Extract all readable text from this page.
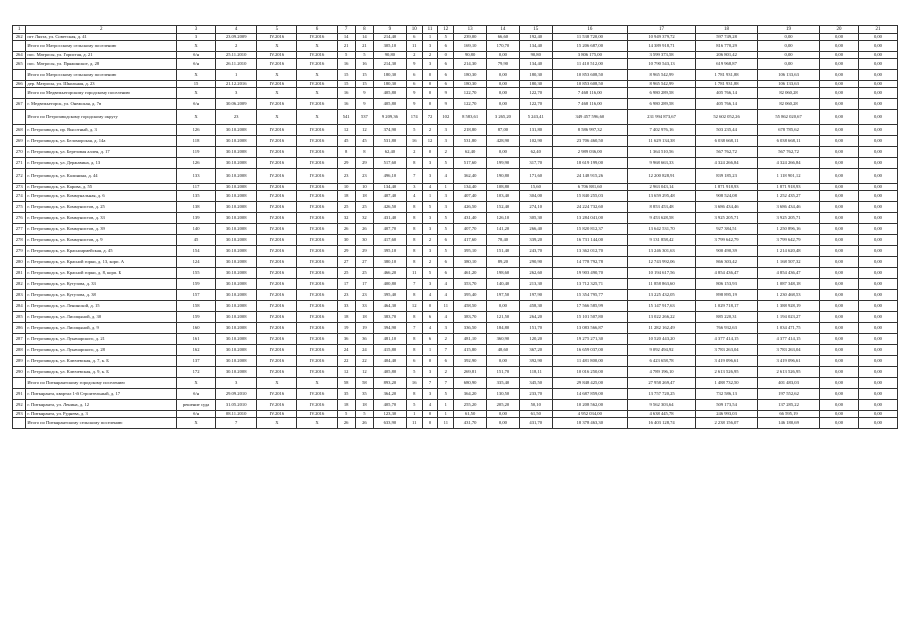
1	2	3	4	5	6	7	8	9	10	11	12	13	14	15	16	17	18	19	20	21
262	пгт Ляхта, ул. Советская, д. 41	3	23.09.2009	IV.2016	IV.2016	14	14	214,40	6	1	5	239,00	66,60	192,40	11 538 720,00	10 949 379,72	597 749,28	0,00	0,00	0,00
	Итого по Матросскому сельскому поселению	X	2	X	X	21	21	305,10	11	3	6	169,10	170,70	134,40	15 206 687,00	14 389 918,71	816 770,29	0,00	0,00	0,00
264	пос. Матросы, ул. Гористая, д. 21	б/н	25.11.2010	IV.2016	IV.2016	5	5	90,80	2	2	0	90,80	0,00	90,80	3 806 175,00	3 599 373,58	206 801,42	0,00	0,00	0,00
265	пос. Матросы, ул. Пряжинское, д. 28	б/н	26.11.2010	IV.2016	IV.2016	16	16	214,30	9	3	6	214,30	79,90	134,40	11 410 512,00	10 790 543,13	619 968,87	0,00	0,00	0,00
	Итого по Матросскому сельскому поселению	X	1	X	X	15	15	180,30	6	0	6	180,30	0,00	180,30	10 853 608,50	8 965 542,99	1 781 931,88	106 133,63	0,00	0,00
266	дер. Матросы, ул. Школьная, д. 23	15	21.12.2016	IV.2016	IV.2016	15	15	180,30	6	0	6	180,30	0,00	180,30	10 853 608,50	8 965 542,99	1 781 931,88	106 133,63	0,00	0,00
	Итого по Медвежьегорскому городскому поселению	X	3	X	X	16	9	405,80	9	0	9	122,70	0,00	122,70	7 468 116,00	6 980 289,58	405 766,14	82 060,28	0,00	0,00
267	г. Медвежьегорск, ул. Онежская, д. 7в	б/н	30.06.2009	IV.2016	IV.2016	16	9	405,80	9	0	9	122,70	0,00	122,70	7 468 116,00	6 980 289,58	405 766,14	82 060,28	0,00	0,00
	Итого по Петрозаводскому городскому округу	X	23	X	X	541	537	9 209,36	174	72	102	8 583,61	3 265,20	5 243,41	349 457 596,60	231 994 873,67	52 602 052,26	55 862 020,67	0,00	0,00
268	г. Петрозаводск, пр. Высотный, д. 3	126	30.10.2008	IV.2016	IV.2016	12	12	374,90	5	2	3	218,80	87,00	131,80	8 586 997,32	7 402 976,16	503 235,44	678 785,62	0,00	0,00
269	г. Петрозаводск, ул. Беломорская, д. 14а	118	30.10.2008	IV.2016	IV.2016	45	45	531,80	16	12	3	531,80	428,90	102,90	23 706 460,50	11 629 134,38	6 038 668,11	6 038 668,11	0,00	0,00
270	г. Петрозаводск, ул. Березовая аллея, д. 17	119	30.10.2008	IV.2016	IV.2016	8	8	62,40	2	0	2	62,40	0,00	62,40	2 989 036,00	1 364 510,56	567 762,72	567 762,72	0,00	0,00
271	г. Петрозаводск, ул. Державина, д. 13	126	30.10.2008	IV.2016	IV.2016	29	29	517,60	8	3	5	517,60	199,90	317,70	18 619 199,00	9 968 663,33	4 324 266,84	4 324 266,84	0,00	0,00
272	г. Петрозаводск, ул. Калинина, д. 44	133	30.10.2008	IV.2016	IV.2016	23	23	496,10	7	3	4	362,40	190,80	171,60	24 148 915,26	12 200 828,91	839 185,23	1 118 901,12	0,00	0,00
273	г. Петрозаводск, ул. Карова, д. 55	117	30.10.2008	IV.2016	IV.2016	10	10	134,40	3	4	1	134,40	108,80	15,60	6 706 881,60	2 963 043,14	1 871 918,93	1 871 918,93	0,00	0,00
274	г. Петрозаводск, ул. Коммунальная, д. 6	135	30.10.2008	IV.2016	IV.2016	18	18	407,40	4	1	3	407,40	103,40	304,00	15 840 255,03	13 659 295,48	908 524,08	1 252 435,27	0,00	0,00
275	г. Петрозаводск, ул. Коммунистов, д. 25	138	30.10.2008	IV.2016	IV.2016	25	25	426,50	8	5	3	426,50	152,40	274,10	24 224 732,60	8 853 453,48	3 686 434,46	3 686 434,46	0,00	0,00
276	г. Петрозаводск, ул. Коммунистов, д. 33	139	30.10.2008	IV.2016	IV.2016	32	32	431,40	8	3	5	431,40	126,10	305,30	13 284 041,00	9 453 628,58	3 925 205,71	3 925 205,71	0,00	0,00
277	г. Петрозаводск, ул. Коммунистов, д. 39	140	30.10.2008	IV.2016	IV.2016	26	26	407,70	8	3	5	407,70	141,20	266,40	15 820 812,37	13 642 531,70	927 384,51	1 250 896,16	0,00	0,00
278	г. Петрозаводск, ул. Коммунистов, д. 9	45	30.10.2008	IV.2016	IV.2016	30	30	417,60	8	2	6	417,60	78,40	339,20	16 731 144,00	9 131 858,42	3 799 642,79	3 799 642,79	0,00	0,00
279	г. Петрозаводск, ул. Красноармейская, д. 45	154	30.10.2008	IV.2016	IV.2016	29	29	395,10	8	3	5	395,10	151,40	243,70	13 362 012,70	13 246 301,63	900 490,39	1 214 620,48	0,00	0,00
280	г. Петрозаводск, ул. Красной горки, д. 13, корп. А	124	30.10.2008	IV.2016	IV.2016	27	27	380,10	8	2	6	380,10	89,20	290,90	14 778 792,78	12 743 992,06	866 303,42	1 168 507,32	0,00	0,00
281	г. Петрозаводск, ул. Красной горки, д. 8, корп. Б	155	30.10.2008	IV.2016	IV.2016	25	25	466,20	11	5	6	461,20	198,60	262,60	19 903 490,70	10 194 617,56	4 854 436,47	4 854 436,47	0,00	0,00
282	г. Петрозаводск, ул. Кутузова, д. 33	159	30.10.2008	IV.2016	IV.2016	17	17	400,80	7	3	4	353,70	140,40	213,30	13 712 325,71	11 858 863,60	806 153,93	1 087 348,18	0,00	0,00
283	г. Петрозаводск, ул. Кутузова, д. 38	157	30.10.2008	IV.2016	IV.2016	23	23	395,40	8	4	4	395,40	197,50	197,90	15 354 795,77	13 225 432,05	898 895,19	1 230 468,53	0,00	0,00
284	г. Петрозаводск, ул. Ленинской, д. 15	158	30.10.2008	IV.2016	IV.2016	33	33	464,30	12	0	11	458,50	0,00	458,30	17 566 585,99	15 147 917,63	1 029 718,17	1 388 928,19	0,00	0,00
285	г. Петрозаводск, ул. Лисицыной, д. 30	159	30.10.2008	IV.2016	IV.2016	18	18	383,70	8	6	4	383,70	121,50	264,20	15 101 507,80	13 022 266,22	885 220,31	1 194 023,27	0,00	0,00
286	г. Петрозаводск, ул. Лисицыной, д. 9	160	30.10.2008	IV.2016	IV.2016	19	19	394,90	7	4	3	336,50	184,80	151,70	13 083 566,87	11 282 162,49	766 932,63	1 034 471,75	0,00	0,00
287	г. Петрозаводск, ул. Луначарского, д. 21	161	30.10.2008	IV.2016	IV.2016	36	36	481,10	8	6	2	481,10	360,90	120,20	19 275 271,30	10 520 443,20	4 377 414,15	4 377 414,15	0,00	0,00
288	г. Петрозаводск, ул. Луначарского, д. 28	162	30.10.2008	IV.2016	IV.2016	24	24	415,80	8	1	7	415,80	48,60	367,20	16 659 037,00	9 092 494,92	3 783 263,04	3 783 263,04	0,00	0,00
289	г. Петрозаводск, ул. Ключевская, д. 7, к. Б	137	30.10.2008	IV.2016	IV.2016	22	22	404,40	6	0	6	392,90	0,00	392,90	11 481 800,00	6 423 658,78	3 419 096,61	3 419 096,61	0,00	0,00
290	г. Петрозаводск, ул. Ключевская, д. 9, к. Б	172	30.10.2008	IV.2016	IV.2016	12	12	405,80	5	3	2	269,81	151,70	118,11	10 016 250,00	4 789 196,10	2 613 526,95	2 613 526,95	0,00	0,00
	Итого по Питкярантскому городскому поселению	X	3	X	X	58	58	893,20	16	7	7	680,90	335,40	345,50	29 848 425,00	27 958 269,47	1 488 732,50	401 483,03	0,00	0,00
291	г. Питкяранта, квартал 1-й Строительный, д. 17	б/н	29.09.2010	IV.2016	IV.2016	35	35	364,20	8	3	5	364,20	130,50	233,70	14 687 859,00	13 757 720,25	732 586,13	197 552,62	0,00	0,00
292	г. Питкяранта, ул. Ленина, д. 12	решение суда	31.05.2010	IV.2016	IV.2016	18	18	405,70	5	4	1	255,20	205,20	50,10	10 208 562,00	9 562 303,64	509 173,54	137 285,22	0,00	0,00
293	г. Питкяранта, ул. Руднева, д. 3	б/н	08.11.2010	IV.2016	IV.2016	5	5	123,30	1	0	1	61,50	0,00	61,50	4 952 034,00	4 638 445,78	246 993,03	66 595,19	0,00	0,00
	Итого по Питкярантскому сельскому поселению	X	7	X	X	26	26	633,90	11	0	11	431,70	0,00	431,70	18 378 463,30	16 403 128,74	2 238 156,07	146 180,69	0,00	0,00
